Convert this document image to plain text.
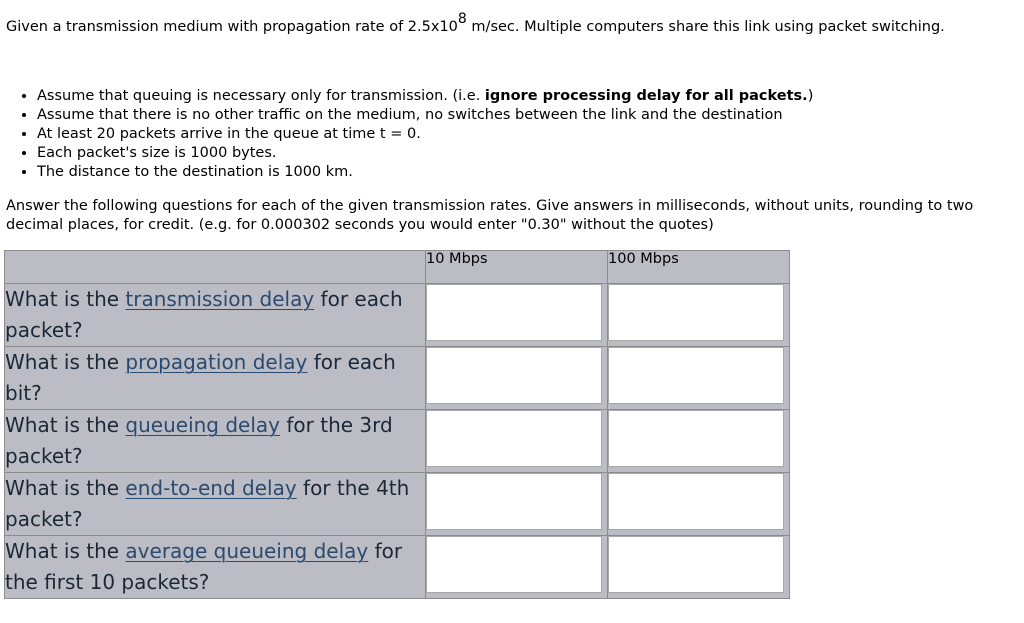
Given a transmission medium with propagation rate of $2.5x10^8$ m/sec. Multiple computers share this link using packet switching.

• Assume that queuing is necessary only for transmission. (i.e. ignore processing delay for all packets.)
• Assume that there is no other traffic on the medium, no switches between the link and the destination
• At least 20 packets arrive in the queue at time t = 0.
• Each packet's size is 1000 bytes.
• The distance to the destination is 1000 km.

Answer the following questions for each of the given transmission rates. Give answers in milliseconds, without units, rounding to two decimal places, for credit. (e.g. for 0.000302 seconds you would enter "0.30" without the quotes)

	10 Mbps	100 Mbps
What is the transmission delay for each packet?		
What is the propagation delay for each bit?		
What is the queueing delay for the 3rd packet?		
What is the end-to-end delay for the 4th packet?		
What is the average queueing delay for the first 10 packets?		
